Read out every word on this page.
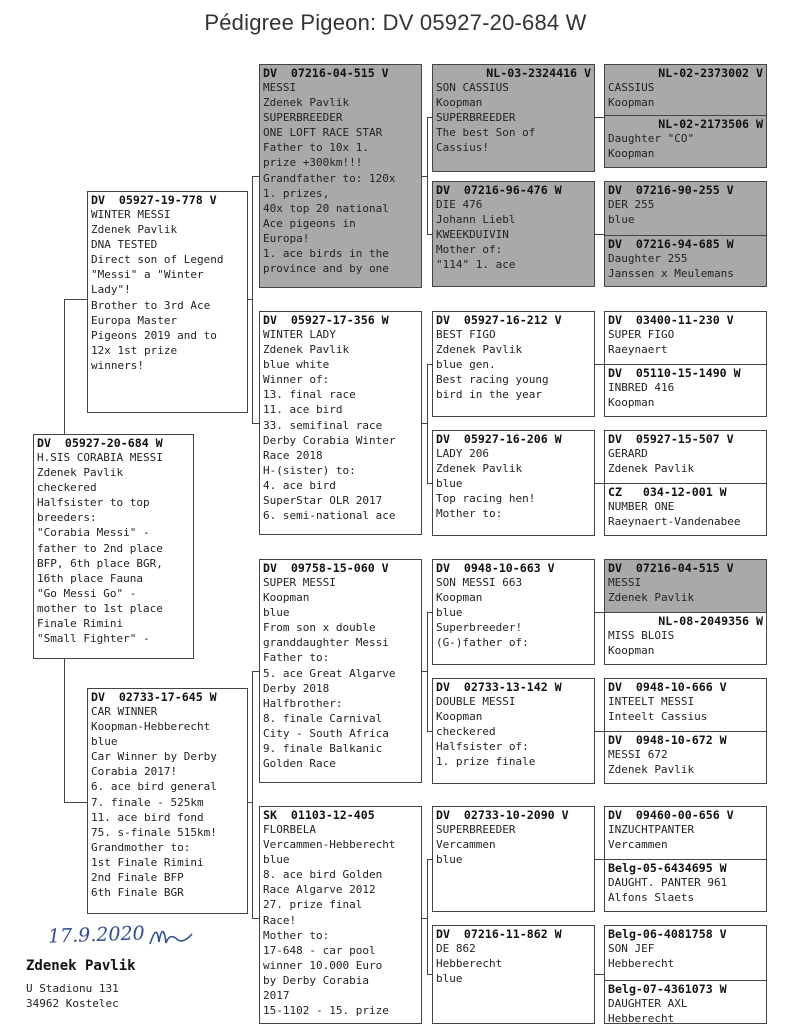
Pédigree Pigeon: DV 05927-20-684 W
DV  05927-20-684 W
H.SIS CORABIA MESSI
Zdenek Pavlik
checkered
Halfsister to top
breeders:
"Corabia Messi" -
father to 2nd place
BFP, 6th place BGR,
16th place Fauna
"Go Messi Go" -
mother to 1st place
Finale Rimini
"Small Fighter" -
DV  05927-19-778 V
WINTER MESSI
Zdenek Pavlik
DNA TESTED
Direct son of Legend
"Messi" a "Winter
Lady"!
Brother to 3rd Ace
Europa Master
Pigeons 2019 and to
12x 1st prize
winners!
DV  02733-17-645 W
CAR WINNER
Koopman-Hebberecht
blue
Car Winner by Derby
Corabia 2017!
6. ace bird general
7. finale - 525km
11. ace bird fond
75. s-finale 515km!
Grandmother to:
1st Finale Rimini
2nd Finale BFP
6th Finale BGR
DV  07216-04-515 V
MESSI
Zdenek Pavlik
SUPERBREEDER
ONE LOFT RACE STAR
Father to 10x 1.
prize +300km!!!
Grandfather to: 120x
1. prizes,
40x top 20 national
Ace pigeons in
Europa!
1. ace birds in the
province and by one
DV  05927-17-356 W
WINTER LADY
Zdenek Pavlik
blue white
Winner of:
13. final race
11. ace bird
33. semifinal race
Derby Corabia Winter
Race 2018
H-(sister) to:
4. ace bird
SuperStar OLR 2017
6. semi-national ace
DV  09758-15-060 V
SUPER MESSI
Koopman
blue
From son x double
granddaughter Messi
Father to:
5. ace Great Algarve
Derby 2018
Halfbrother:
8. finale Carnival
City - South Africa
9. finale Balkanic
Golden Race
SK  01103-12-405
FLORBELA
Vercammen-Hebberecht
blue
8. ace bird Golden
Race Algarve 2012
27. prize final
Race!
Mother to:
17-648 - car pool
winner 10.000 Euro
by Derby Corabia
2017
15-1102 - 15. prize
NL-03-2324416 V
SON CASSIUS
Koopman
SUPERBREEDER
The best Son of
Cassius!
DV  07216-96-476 W
DIE 476
Johann Liebl
KWEEKDUIVIN
Mother of:
"114" 1. ace
DV  05927-16-212 V
BEST FIGO
Zdenek Pavlik
blue gen.
Best racing young
bird in the year
DV  05927-16-206 W
LADY 206
Zdenek Pavlik
blue
Top racing hen!
Mother to:
DV  0948-10-663 V
SON MESSI 663
Koopman
blue
Superbreeder!
(G-)father of:
DV  02733-13-142 W
DOUBLE MESSI
Koopman
checkered
Halfsister of:
1. prize finale
DV  02733-10-2090 V
SUPERBREEDER
Vercammen
blue
DV  07216-11-862 W
DE 862
Hebberecht
blue
NL-02-2373002 V
CASSIUS
Koopman
NL-02-2173506 W
Daughter "CO"
Koopman
DV  07216-90-255 V
DER 255
blue
DV  07216-94-685 W
Daughter 255
Janssen x Meulemans
DV  03400-11-230 V
SUPER FIGO
Raeynaert
DV  05110-15-1490 W
INBRED 416
Koopman
DV  05927-15-507 V
GERARD
Zdenek Pavlik
CZ   034-12-001 W
NUMBER ONE
Raeynaert-Vandenabee
DV  07216-04-515 V
MESSI
Zdenek Pavlik
NL-08-2049356 W
MISS BLOIS
Koopman
DV  0948-10-666 V
INTEELT MESSI
Inteelt Cassius
DV  0948-10-672 W
MESSI 672
Zdenek Pavlik
DV  09460-00-656 V
INZUCHTPANTER
Vercammen
Belg-05-6434695 W
DAUGHT. PANTER 961
Alfons Slaets
Belg-06-4081758 V
SON JEF
Hebberecht
Belg-07-4361073 W
DAUGHTER AXL
Hebberecht
17.9.2020
Zdenek Pavlik
U Stadionu 131
34962 Kostelec
